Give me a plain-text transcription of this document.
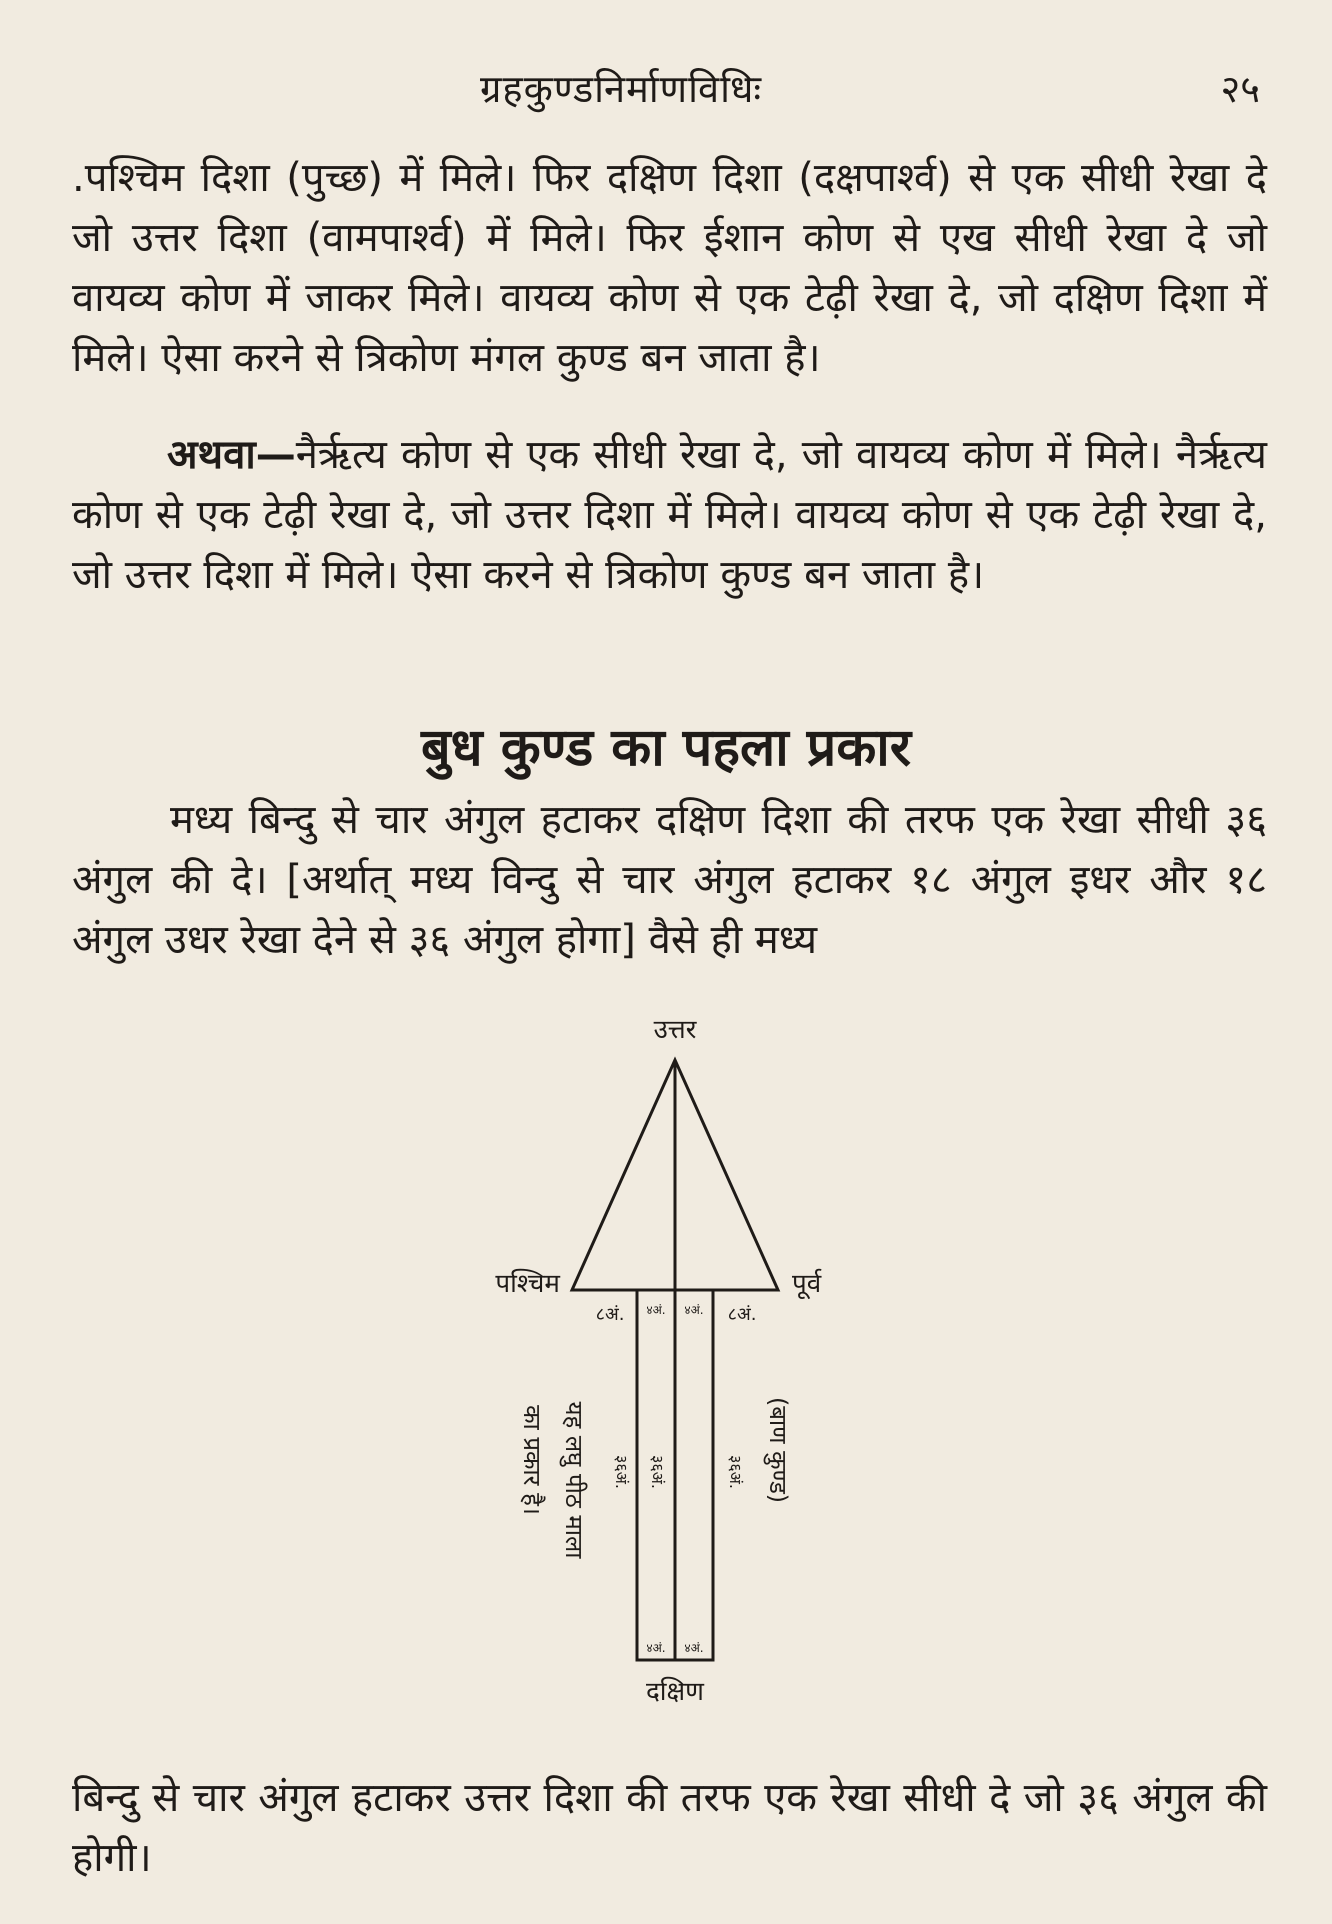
ग्रहकुण्डनिर्माणविधिः	२५
.पश्चिम दिशा (पुच्छ) में मिले। फिर दक्षिण दिशा (दक्षपार्श्व) से एक सीधी रेखा दे जो उत्तर दिशा (वामपार्श्व) में मिले। फिर ईशान कोण से एख सीधी रेखा दे जो वायव्य कोण में जाकर मिले। वायव्य कोण से एक टेढ़ी रेखा दे, जो दक्षिण दिशा में मिले। ऐसा करने से त्रिकोण मंगल कुण्ड बन जाता है।
अथवा—नैर्ऋत्य कोण से एक सीधी रेखा दे, जो वायव्य कोण में मिले। नैर्ऋत्य कोण से एक टेढ़ी रेखा दे, जो उत्तर दिशा में मिले। वायव्य कोण से एक टेढ़ी रेखा दे, जो उत्तर दिशा में मिले। ऐसा करने से त्रिकोण कुण्ड बन जाता है।
बुध कुण्ड का पहला प्रकार
मध्य बिन्दु से चार अंगुल हटाकर दक्षिण दिशा की तरफ एक रेखा सीधी ३६ अंगुल की दे। [अर्थात् मध्य विन्दु से चार अंगुल हटाकर १८ अंगुल इधर और १८ अंगुल उधर रेखा देने से ३६ अंगुल होगा] वैसे ही मध्य
उत्तर
दक्षिण
पश्चिम	पूर्व
८अं.	८अं.
४अं. ४अं.
३६अं. ३६अं.	३६अं.
४अं. ४अं.
यह लघु पीठ माला
का प्रकार है।	(बाण कुण्ड)
बिन्दु से चार अंगुल हटाकर उत्तर दिशा की तरफ एक रेखा सीधी दे जो ३६ अंगुल की होगी।
